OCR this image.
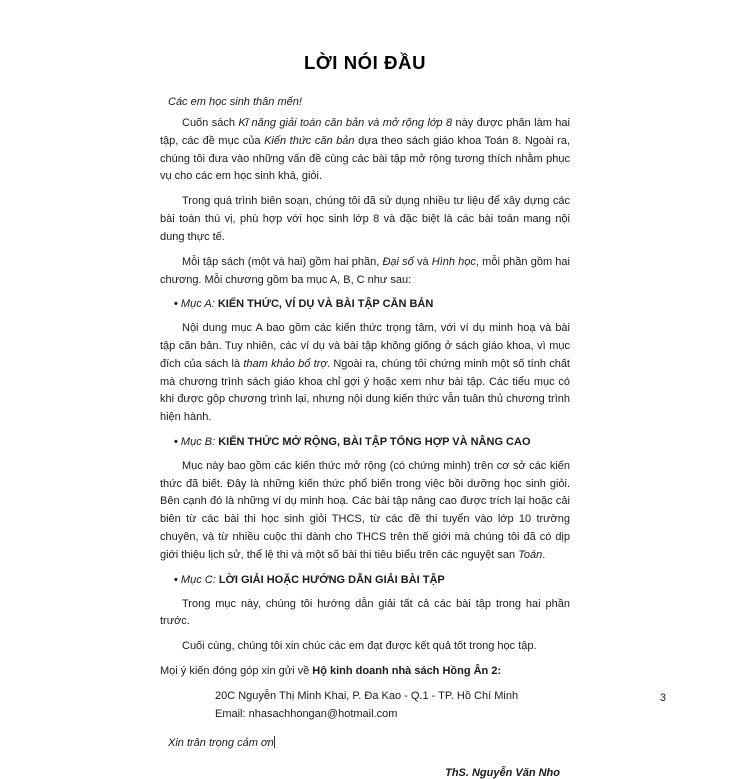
LỜI NÓI ĐẦU
Các em học sinh thân mến!

Cuốn sách Kĩ năng giải toán căn bản và mở rộng lớp 8 này được phân làm hai tập, các đề mục của Kiến thức căn bản dựa theo sách giáo khoa Toán 8. Ngoài ra, chúng tôi đưa vào những vấn đề cùng các bài tập mở rộng tương thích nhằm phục vụ cho các em học sinh khá, giỏi.

Trong quá trình biên soạn, chúng tôi đã sử dụng nhiều tư liệu để xây dựng các bài toán thú vị, phù hợp với học sinh lớp 8 và đặc biệt là các bài toán mang nội dung thực tế.

Mỗi tập sách (một và hai) gồm hai phần, Đại số và Hình học, mỗi phần gồm hai chương. Mỗi chương gồm ba mục A, B, C như sau:

• Mục A: KIẾN THỨC, VÍ DỤ VÀ BÀI TẬP CĂN BẢN

Nội dung mục A bao gồm các kiến thức trọng tâm, với ví dụ minh hoạ và bài tập căn bản. Tuy nhiên, các ví dụ và bài tập không giống ở sách giáo khoa, vì mục đích của sách là tham khảo bổ trợ. Ngoài ra, chúng tôi chứng minh một số tính chất mà chương trình sách giáo khoa chỉ gợi ý hoặc xem như bài tập. Các tiểu mục có khi được gộp chương trình lại, nhưng nội dung kiến thức vẫn tuân thủ chương trình hiện hành.

• Mục B: KIẾN THỨC MỞ RỘNG, BÀI TẬP TỔNG HỢP VÀ NÂNG CAO

Mục này bao gồm các kiến thức mở rộng (có chứng minh) trên cơ sở các kiến thức đã biết. Đây là những kiến thức phổ biến trong việc bồi dưỡng học sinh giỏi. Bên cạnh đó là những ví dụ minh hoạ. Các bài tập nâng cao được trích lại hoặc cải biên từ các bài thi học sinh giỏi THCS, từ các đề thi tuyển vào lớp 10 trường chuyên, và từ nhiều cuộc thi dành cho THCS trên thế giới mà chúng tôi đã có dịp giới thiệu lịch sử, thể lệ thi và một số bài thi tiêu biểu trên các nguyệt san Toán.

• Mục C: LỜI GIẢI HOẶC HƯỚNG DẪN GIẢI BÀI TẬP

Trong mục này, chúng tôi hướng dẫn giải tất cả các bài tập trong hai phần trước.

Cuối cùng, chúng tôi xin chúc các em đạt được kết quả tốt trong học tập.

Mọi ý kiến đóng góp xin gửi về Hộ kinh doanh nhà sách Hồng Ân 2:

20C Nguyễn Thị Minh Khai, P. Đa Kao - Q.1 - TP. Hồ Chí Minh

Email: nhasachhongan@hotmail.com

Xin trân trọng cảm ơn

ThS. Nguyễn Văn Nho

3
